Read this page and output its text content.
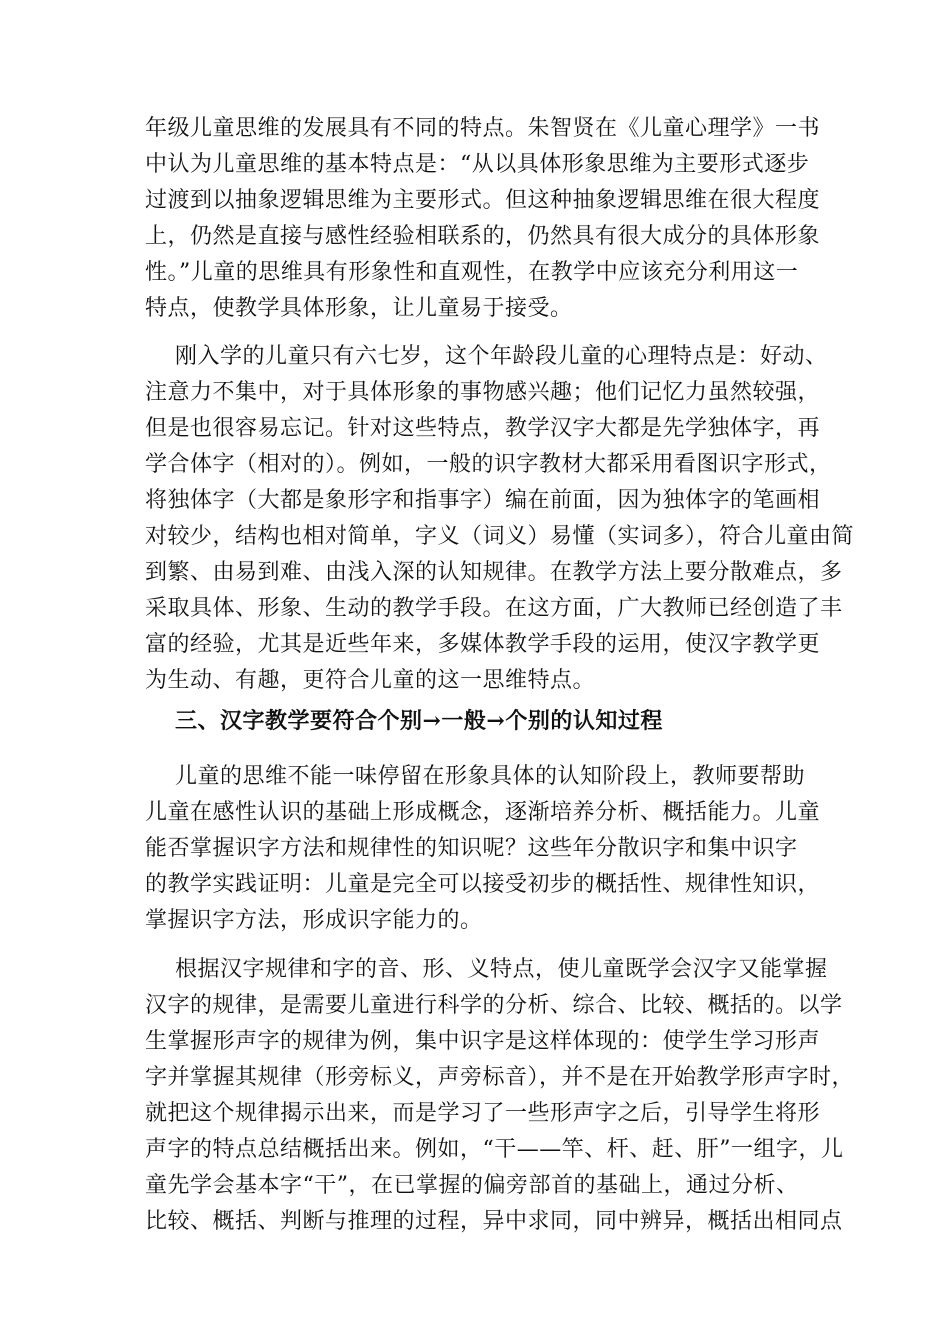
年级儿童思维的发展具有不同的特点。朱智贤在《儿童心理学》一书
中认为儿童思维的基本特点是：“从以具体形象思维为主要形式逐步
过渡到以抽象逻辑思维为主要形式。但这种抽象逻辑思维在很大程度
上，仍然是直接与感性经验相联系的，仍然具有很大成分的具体形象
性。”儿童的思维具有形象性和直观性，在教学中应该充分利用这一
特点，使教学具体形象，让儿童易于接受。
刚入学的儿童只有六七岁，这个年龄段儿童的心理特点是：好动、
注意力不集中，对于具体形象的事物感兴趣；他们记忆力虽然较强，
但是也很容易忘记。针对这些特点，教学汉字大都是先学独体字，再
学合体字（相对的）。例如，一般的识字教材大都采用看图识字形式，
将独体字（大都是象形字和指事字）编在前面，因为独体字的笔画相
对较少，结构也相对简单，字义（词义）易懂（实词多），符合儿童由简
到繁、由易到难、由浅入深的认知规律。在教学方法上要分散难点，多
采取具体、形象、生动的教学手段。在这方面，广大教师已经创造了丰
富的经验，尤其是近些年来，多媒体教学手段的运用，使汉字教学更
为生动、有趣，更符合儿童的这一思维特点。
三、汉字教学要符合个别→一般→个别的认知过程
儿童的思维不能一味停留在形象具体的认知阶段上，教师要帮助
儿童在感性认识的基础上形成概念，逐渐培养分析、概括能力。儿童
能否掌握识字方法和规律性的知识呢？这些年分散识字和集中识字
的教学实践证明：儿童是完全可以接受初步的概括性、规律性知识，
掌握识字方法，形成识字能力的。
根据汉字规律和字的音、形、义特点，使儿童既学会汉字又能掌握
汉字的规律，是需要儿童进行科学的分析、综合、比较、概括的。以学
生掌握形声字的规律为例，集中识字是这样体现的：使学生学习形声
字并掌握其规律（形旁标义，声旁标音），并不是在开始教学形声字时，
就把这个规律揭示出来，而是学习了一些形声字之后，引导学生将形
声字的特点总结概括出来。例如，“干——竿、杆、赶、肝”一组字，儿
童先学会基本字“干”，在已掌握的偏旁部首的基础上，通过分析、
比较、概括、判断与推理的过程，异中求同，同中辨异，概括出相同点
